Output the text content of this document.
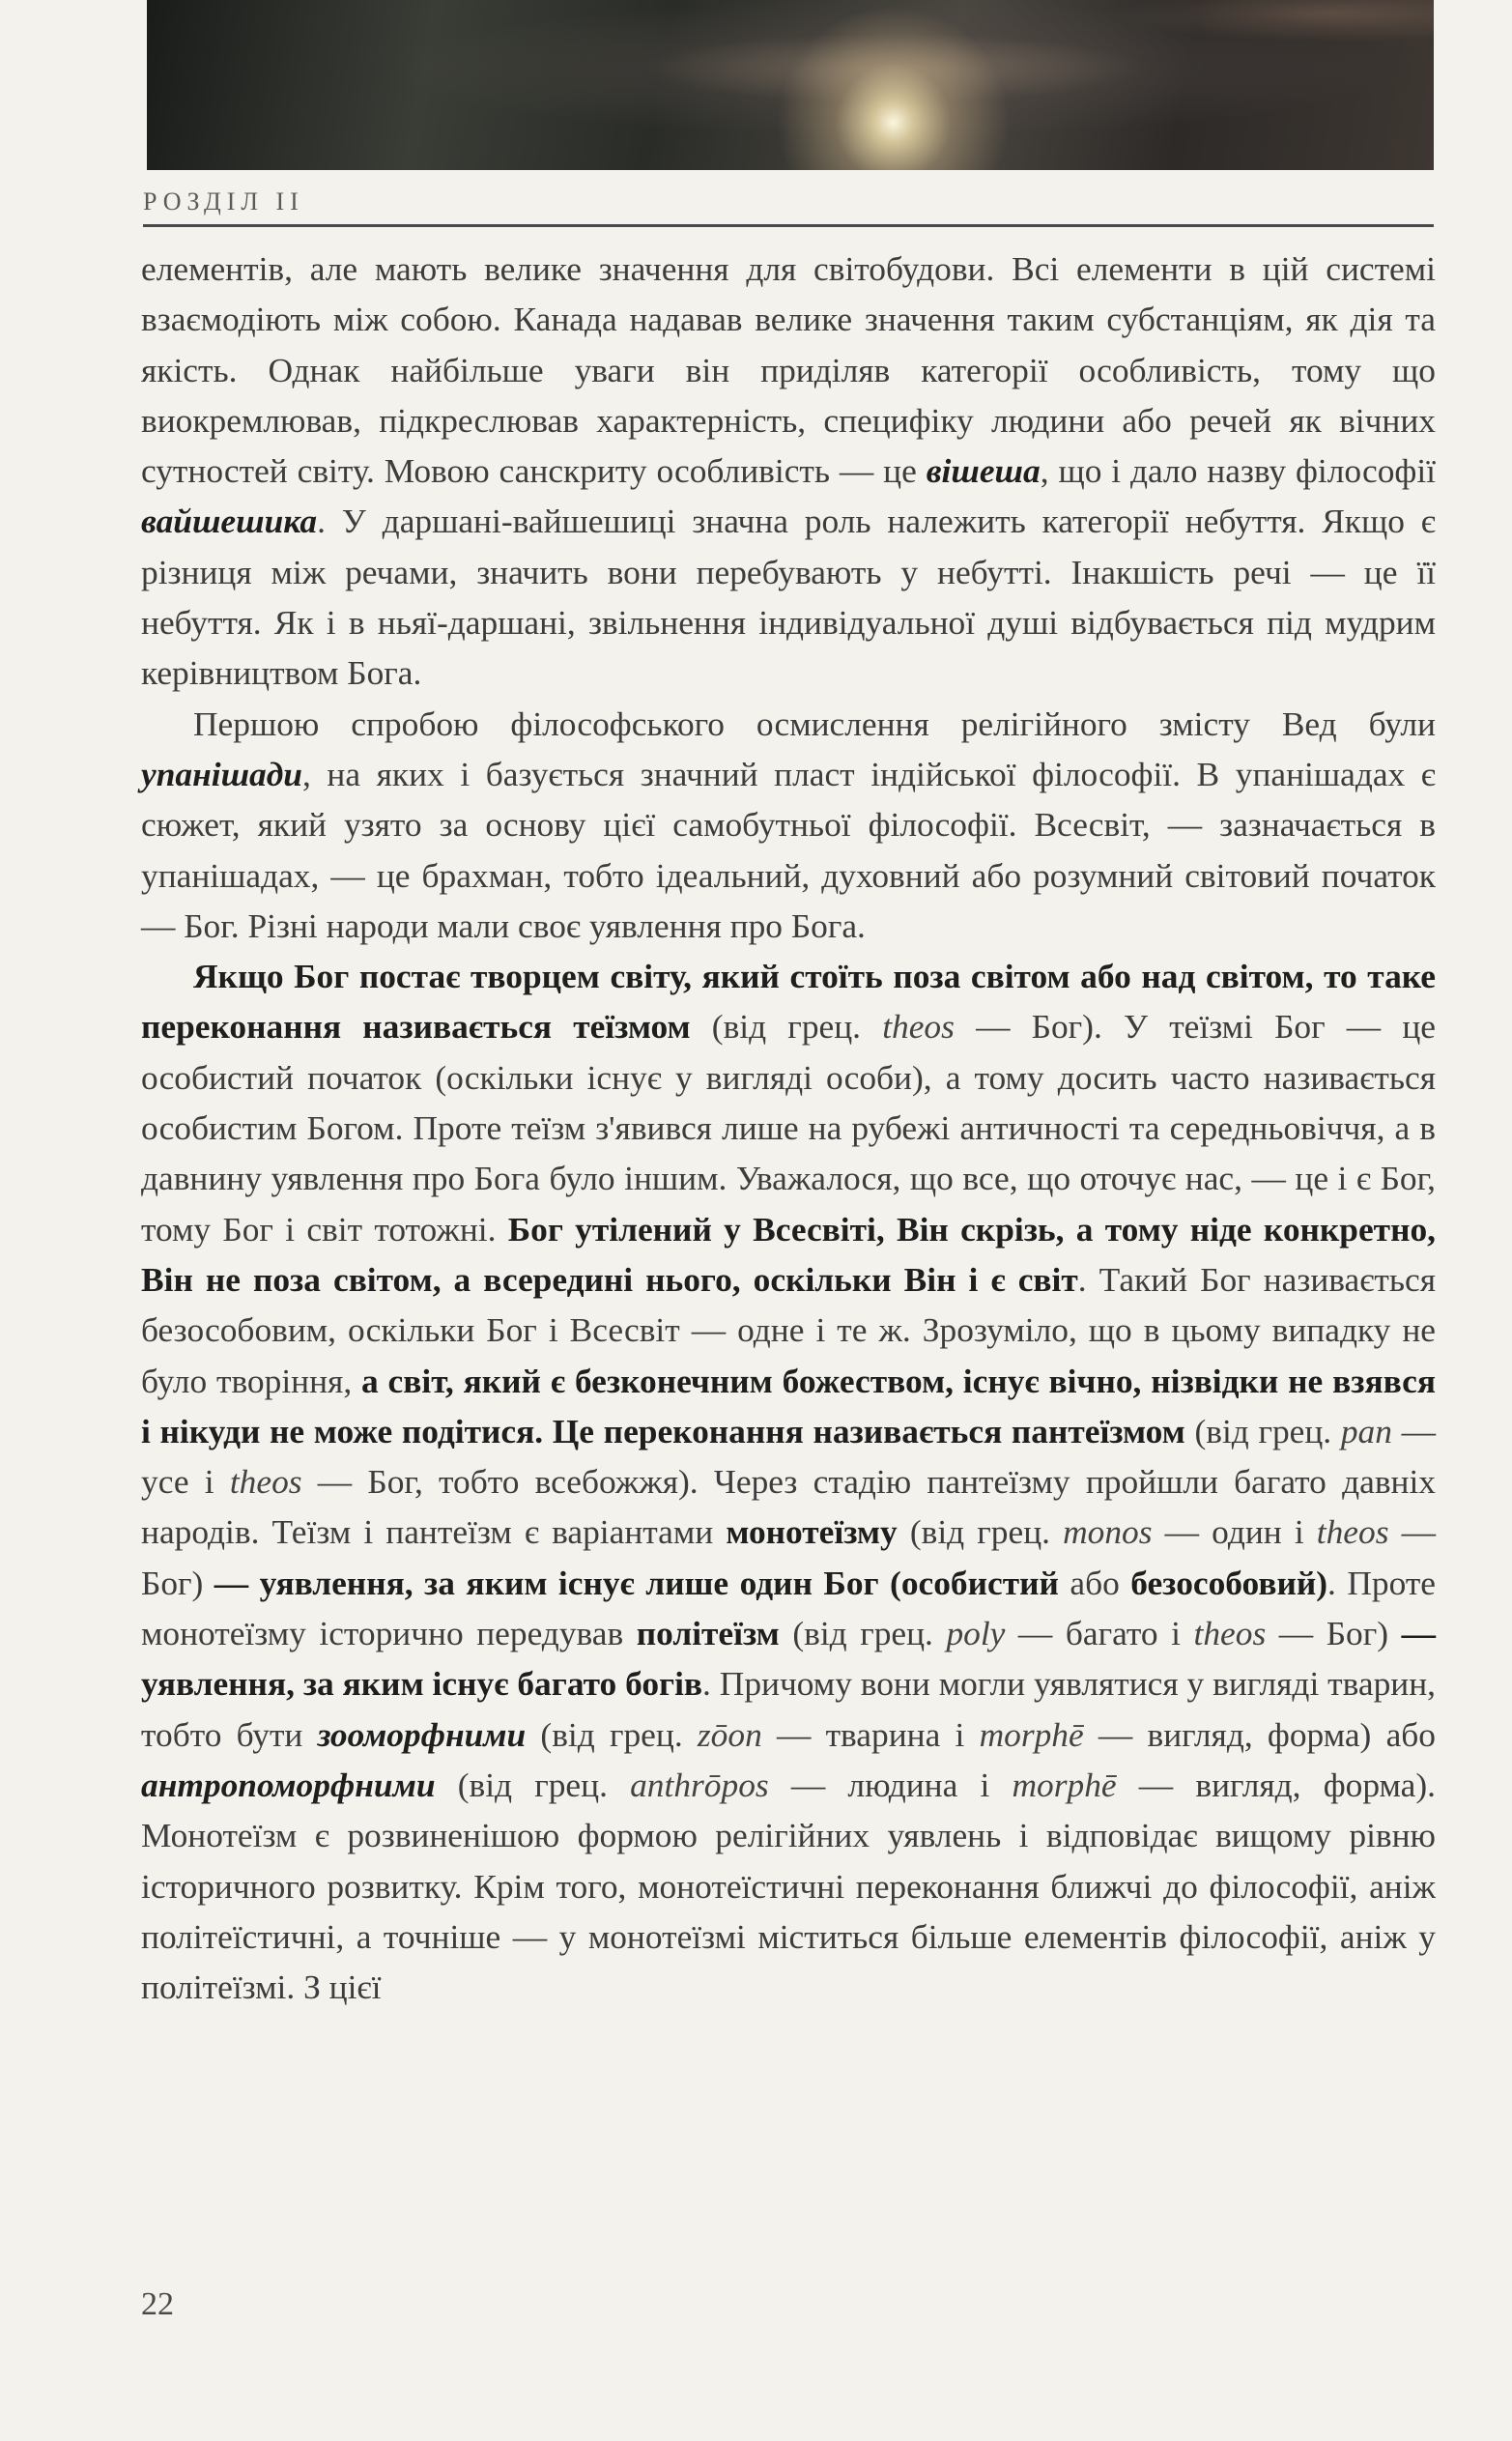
РОЗДІЛ II

елементів, але мають велике значення для світобудови. Всі елементи в цій системі взаємодіють між собою. Канада надавав велике значення таким субстанціям, як дія та якість. Однак найбільше уваги він приділяв категорії особливість, тому що виокремлював, підкреслював характерність, специфіку людини або речей як вічних сутностей світу. Мовою санскриту особливість — це вішеша, що і дало назву філософії вайшешика. У даршані-вайшешиці значна роль належить категорії небуття. Якщо є різниця між речами, значить вони перебувають у небутті. Інакшість речі — це її небуття. Як і в ньяї-даршані, звільнення індивідуальної душі відбувається під мудрим керівництвом Бога.

Першою спробою філософського осмислення релігійного змісту Вед були упанішади, на яких і базується значний пласт індійської філософії. В упанішадах є сюжет, який узято за основу цієї самобутньої філософії. Всесвіт, — зазначається в упанішадах, — це брахман, тобто ідеальний, духовний або розумний світовий початок — Бог. Різні народи мали своє уявлення про Бога.

Якщо Бог постає творцем світу, який стоїть поза світом або над світом, то таке переконання називається теїзмом (від грец. theos — Бог). У теїзмі Бог — це особистий початок (оскільки існує у вигляді особи), а тому досить часто називається особистим Богом. Проте теїзм з'явився лише на рубежі античності та середньовіччя, а в давнину уявлення про Бога було іншим. Уважалося, що все, що оточує нас, — це і є Бог, тому Бог і світ тотожні. Бог утілений у Всесвіті, Він скрізь, а тому ніде конкретно, Він не поза світом, а всередині нього, оскільки Він і є світ. Такий Бог називається безособовим, оскільки Бог і Всесвіт — одне і те ж. Зрозуміло, що в цьому випадку не було творіння, а світ, який є безконечним божеством, існує вічно, нізвідки не взявся і нікуди не може подітися. Це переконання називається пантеїзмом (від грец. pan — усе і theos — Бог, тобто всебожжя). Через стадію пантеїзму пройшли багато давніх народів. Теїзм і пантеїзм є варіантами монотеїзму (від грец. monos — один і theos — Бог) — уявлення, за яким існує лише один Бог (особистий або безособовий). Проте монотеїзму історично передував політеїзм (від грец. poly — багато і theos — Бог) — уявлення, за яким існує багато богів. Причому вони могли уявлятися у вигляді тварин, тобто бути зооморфними (від грец. zōon — тварина і morphē — вигляд, форма) або антропоморфними (від грец. anthrōpos — людина і morphē — вигляд, форма). Монотеїзм є розвиненішою формою релігійних уявлень і відповідає вищому рівню історичного розвитку. Крім того, монотеїстичні переконання ближчі до філософії, аніж політеїстичні, а точніше — у монотеїзмі міститься більше елементів філософії, аніж у політеїзмі. З цієї

22
